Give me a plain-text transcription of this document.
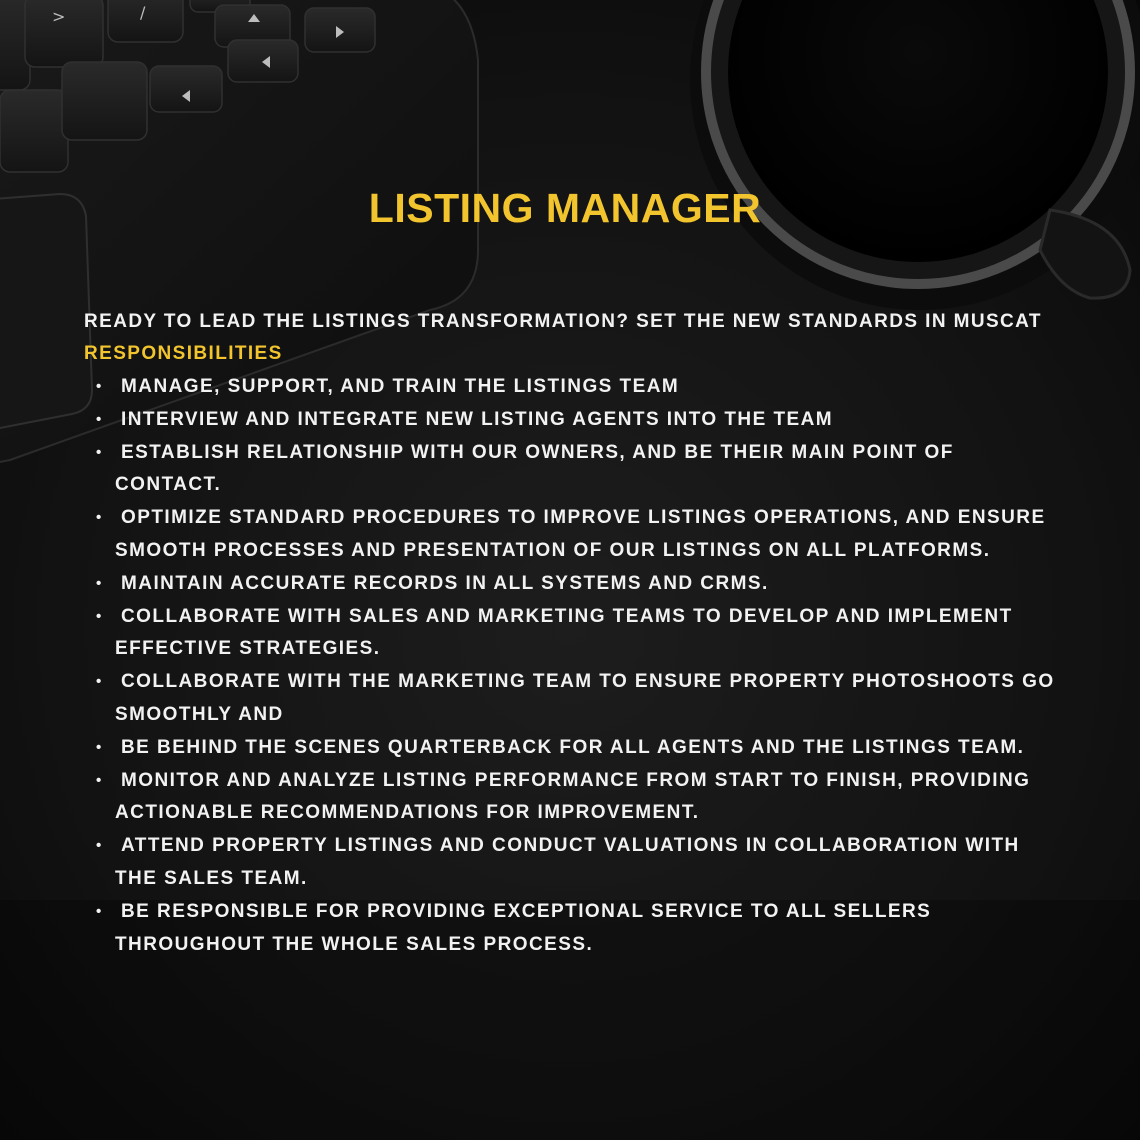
>	/
LISTING MANAGER
READY TO LEAD THE LISTINGS TRANSFORMATION? SET THE NEW STANDARDS IN MUSCAT
RESPONSIBILITIES
• MANAGE, SUPPORT, AND TRAIN THE LISTINGS TEAM
• INTERVIEW AND INTEGRATE NEW LISTING AGENTS INTO THE TEAM
• ESTABLISH RELATIONSHIP WITH OUR OWNERS, AND BE THEIR MAIN POINT OF CONTACT.
• OPTIMIZE STANDARD PROCEDURES TO IMPROVE LISTINGS OPERATIONS, AND ENSURE SMOOTH PROCESSES AND PRESENTATION OF OUR LISTINGS ON ALL PLATFORMS.
• MAINTAIN ACCURATE RECORDS IN ALL SYSTEMS AND CRMS.
• COLLABORATE WITH SALES AND MARKETING TEAMS TO DEVELOP AND IMPLEMENT EFFECTIVE STRATEGIES.
• COLLABORATE WITH THE MARKETING TEAM TO ENSURE PROPERTY PHOTOSHOOTS GO SMOOTHLY AND
• BE BEHIND THE SCENES QUARTERBACK FOR ALL AGENTS AND THE LISTINGS TEAM.
• MONITOR AND ANALYZE LISTING PERFORMANCE FROM START TO FINISH, PROVIDING ACTIONABLE RECOMMENDATIONS FOR IMPROVEMENT.
• ATTEND PROPERTY LISTINGS AND CONDUCT VALUATIONS IN COLLABORATION WITH THE SALES TEAM.
• BE RESPONSIBLE FOR PROVIDING EXCEPTIONAL SERVICE TO ALL SELLERS THROUGHOUT THE WHOLE SALES PROCESS.
